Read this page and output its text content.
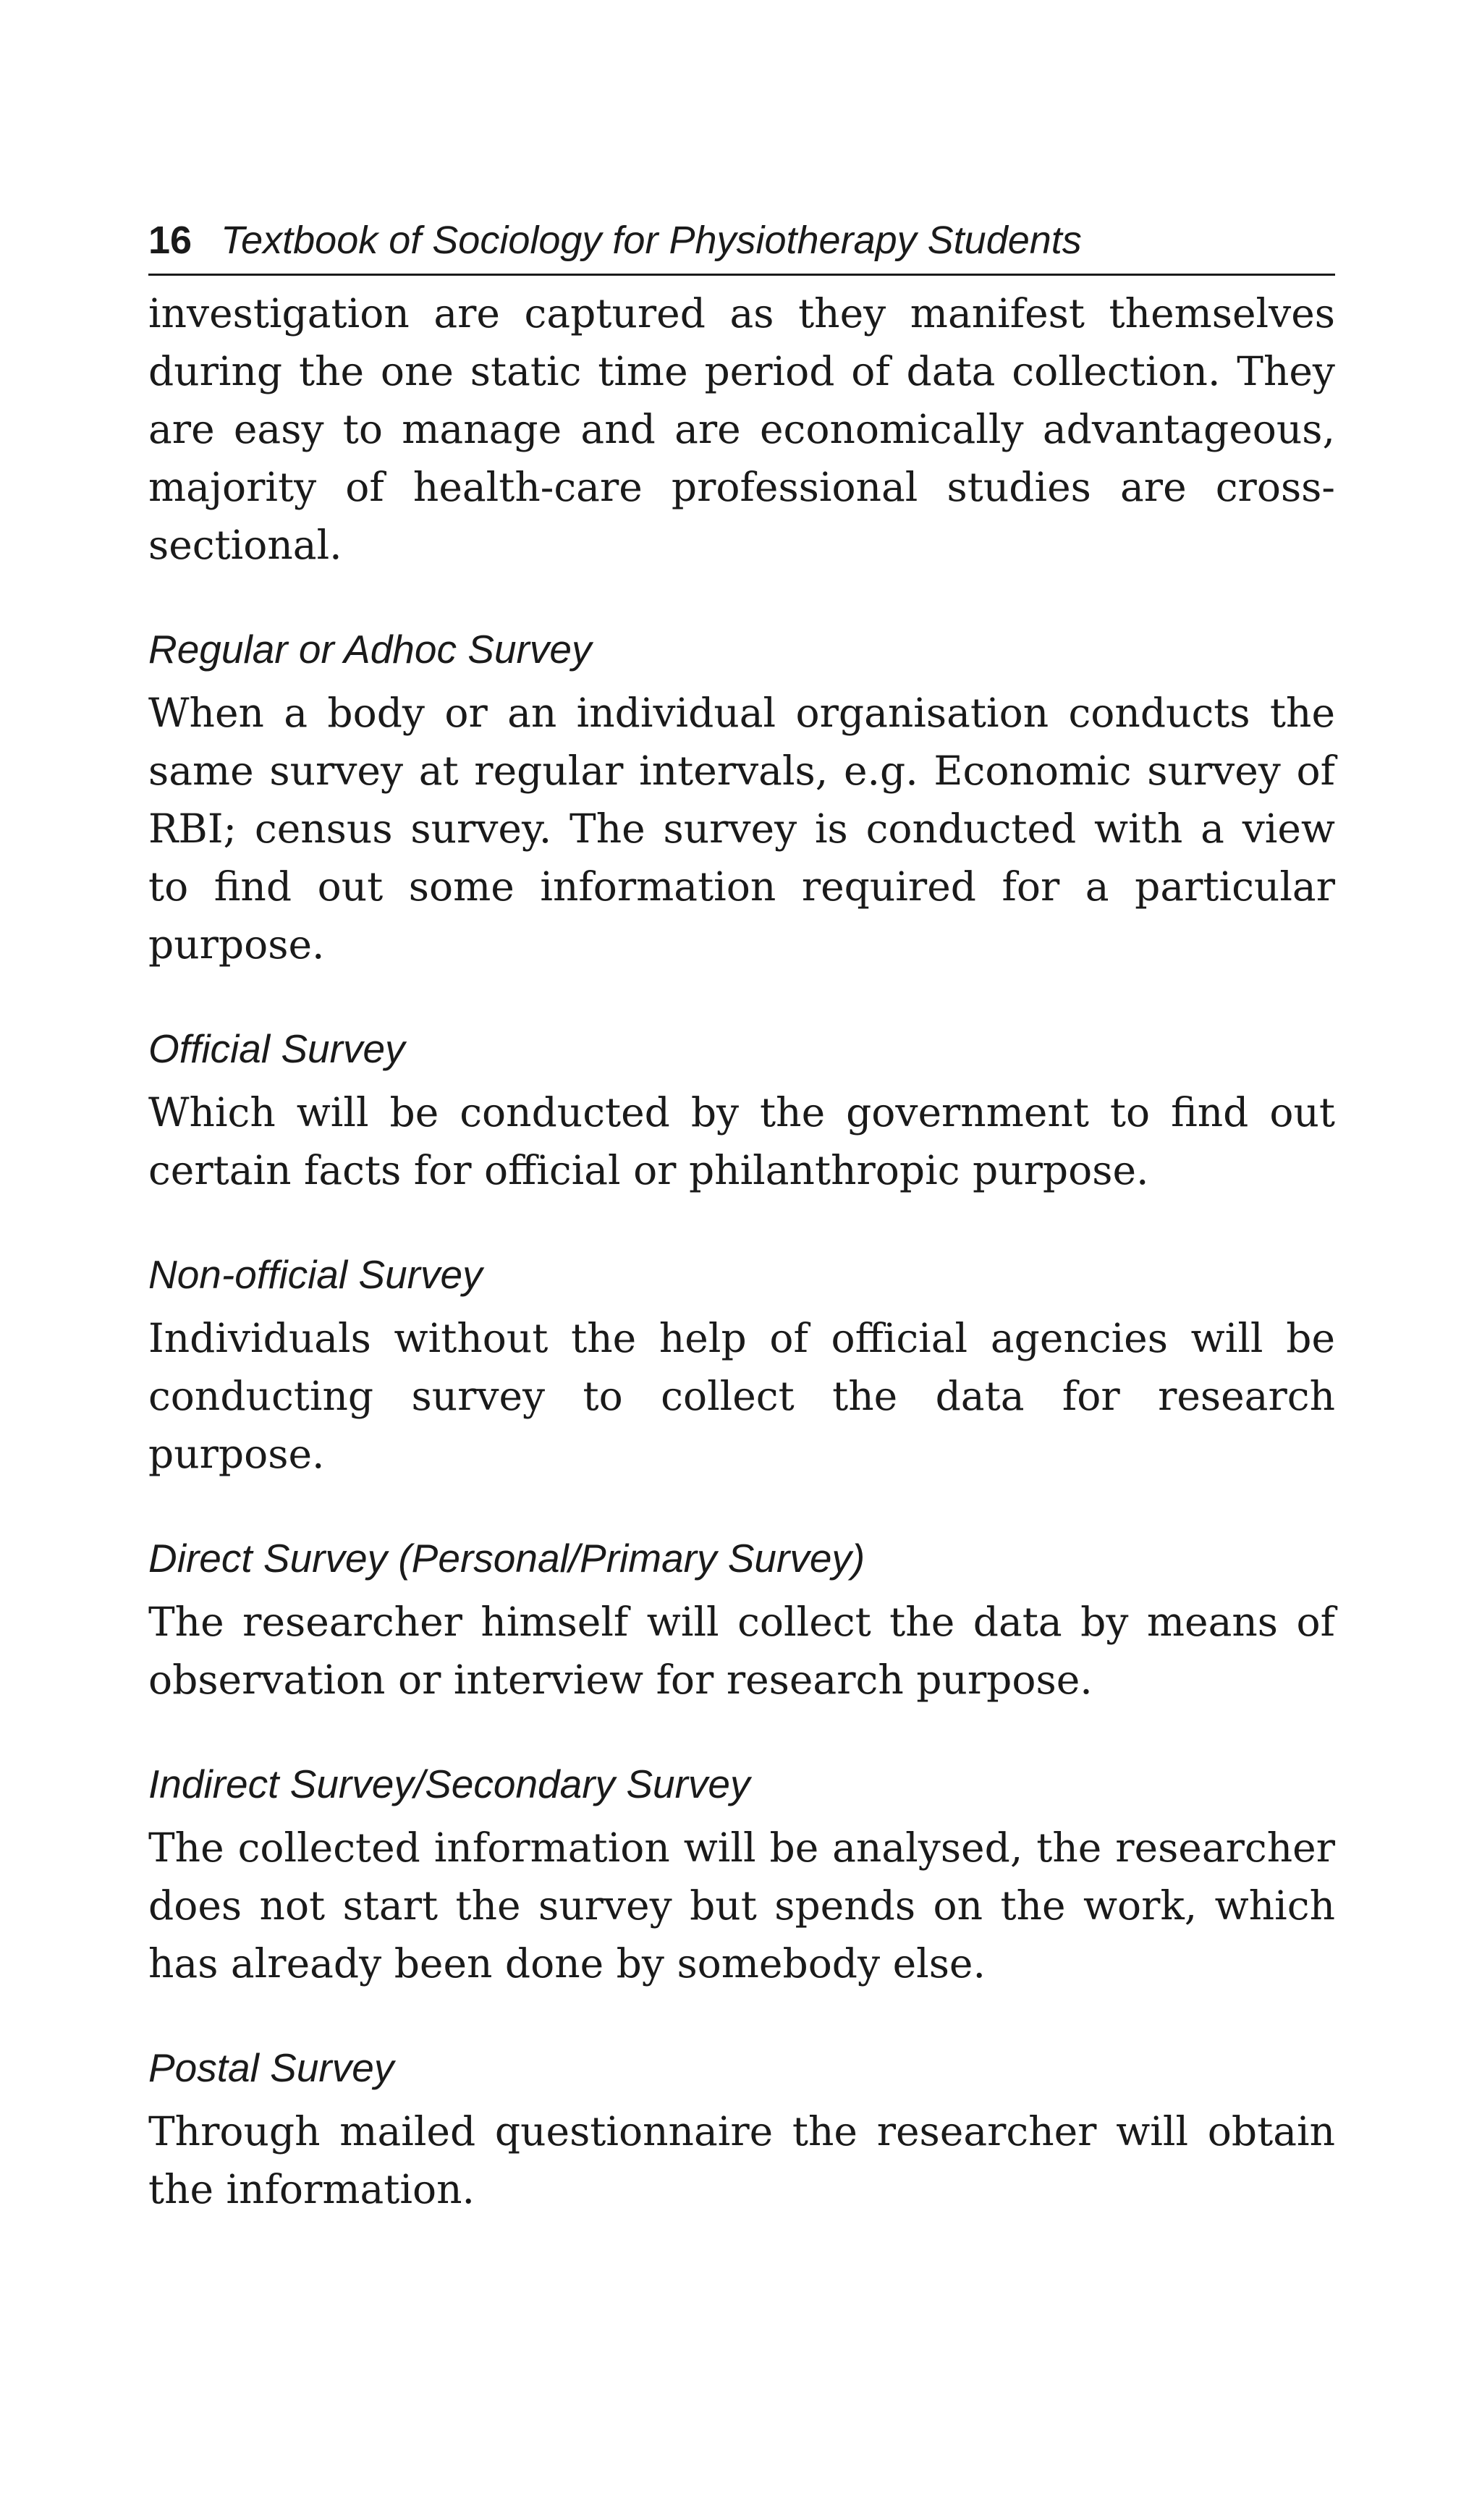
16 Textbook of Sociology for Physiotherapy Students

investigation are captured as they manifest themselves during the one static time period of data collection. They are easy to manage and are economically advantageous, majority of health-care professional studies are cross-sectional.

Regular or Adhoc Survey

When a body or an individual organisation conducts the same survey at regular intervals, e.g. Economic survey of RBI; census survey. The survey is conducted with a view to find out some information required for a particular purpose.

Official Survey

Which will be conducted by the government to find out certain facts for official or philanthropic purpose.

Non-official Survey

Individuals without the help of official agencies will be conducting survey to collect the data for research purpose.

Direct Survey (Personal/Primary Survey)

The researcher himself will collect the data by means of observation or interview for research purpose.

Indirect Survey/Secondary Survey

The collected information will be analysed, the researcher does not start the survey but spends on the work, which has already been done by somebody else.

Postal Survey

Through mailed questionnaire the researcher will obtain the information.
